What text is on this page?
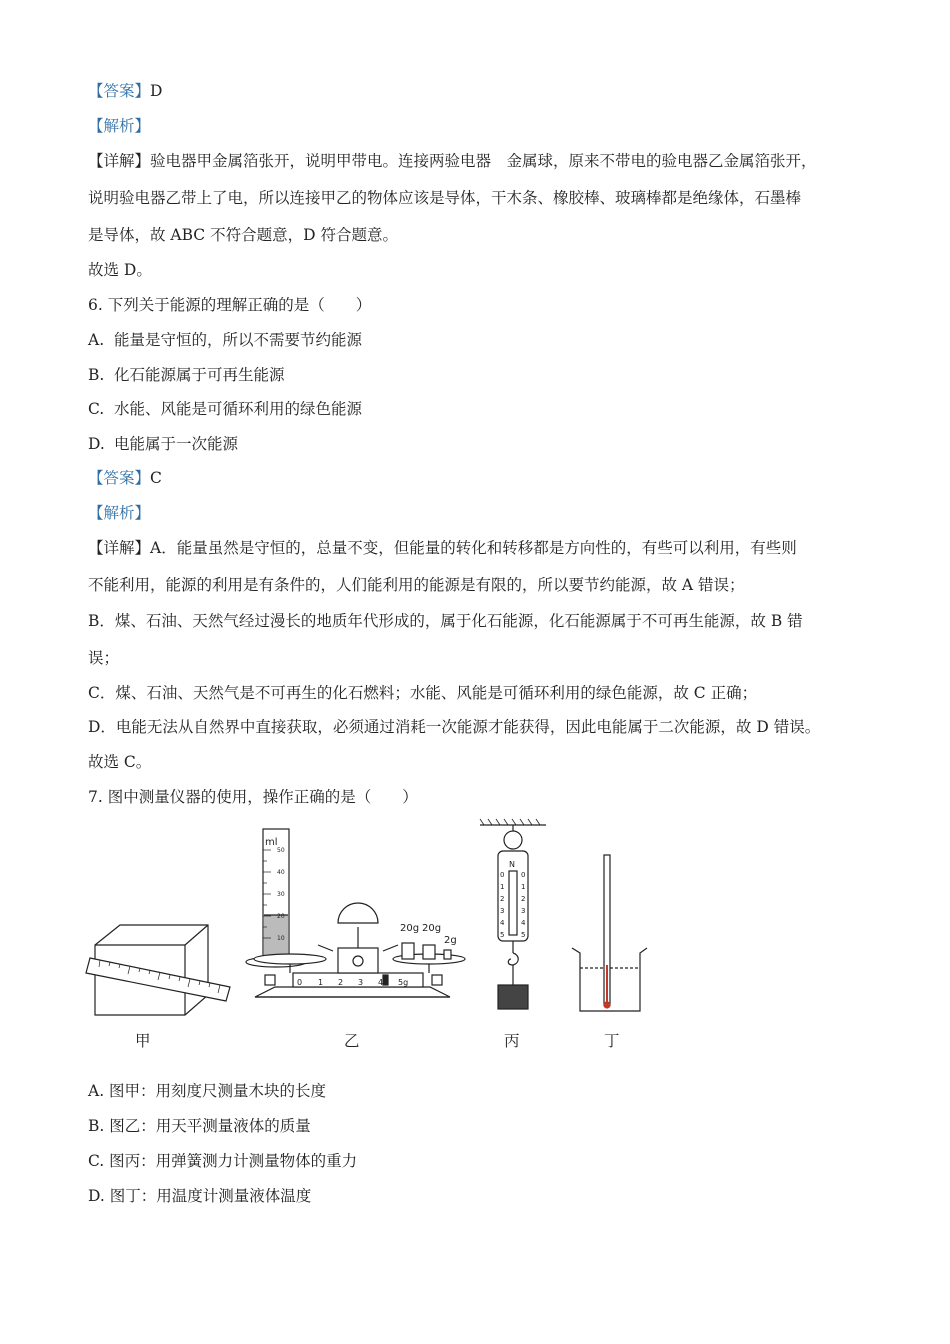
【答案】D
【解析】
【详解】验电器甲金属箔张开，说明甲带电。连接两验电器　金属球，原来不带电的验电器乙金属箔张开，
说明验电器乙带上了电，所以连接甲乙的物体应该是导体，干木条、橡胶棒、玻璃棒都是绝缘体，石墨棒
是导体，故 ABC 不符合题意，D 符合题意。
故选 D。
6. 下列关于能源的理解正确的是（　　）
A. 能量是守恒的，所以不需要节约能源
B. 化石能源属于可再生能源
C. 水能、风能是可循环利用的绿色能源
D. 电能属于一次能源
【答案】C
【解析】
【详解】A．能量虽然是守恒的，总量不变，但能量的转化和转移都是方向性的，有些可以利用，有些则
不能利用，能源的利用是有条件的，人们能利用的能源是有限的，所以要节约能源，故 A 错误；
B．煤、石油、天然气经过漫长的地质年代形成的，属于化石能源，化石能源属于不可再生能源，故 B 错
误；
C．煤、石油、天然气是不可再生的化石燃料；水能、风能是可循环利用的绿色能源，故 C 正确；
D．电能无法从自然界中直接获取，必须通过消耗一次能源才能获得，因此电能属于二次能源，故 D 错误。
故选 C。
7. 图中测量仪器的使用，操作正确的是（　　）
ml
50
40
30
20
10
20g 20g
2g
0 1 2 3 4 5g
N
0
1
2
3
4
5
0
1
2
3
4
5
甲	乙	丙	丁
A. 图甲：用刻度尺测量木块的长度
B. 图乙：用天平测量液体的质量
C. 图丙：用弹簧测力计测量物体的重力
D. 图丁：用温度计测量液体温度
